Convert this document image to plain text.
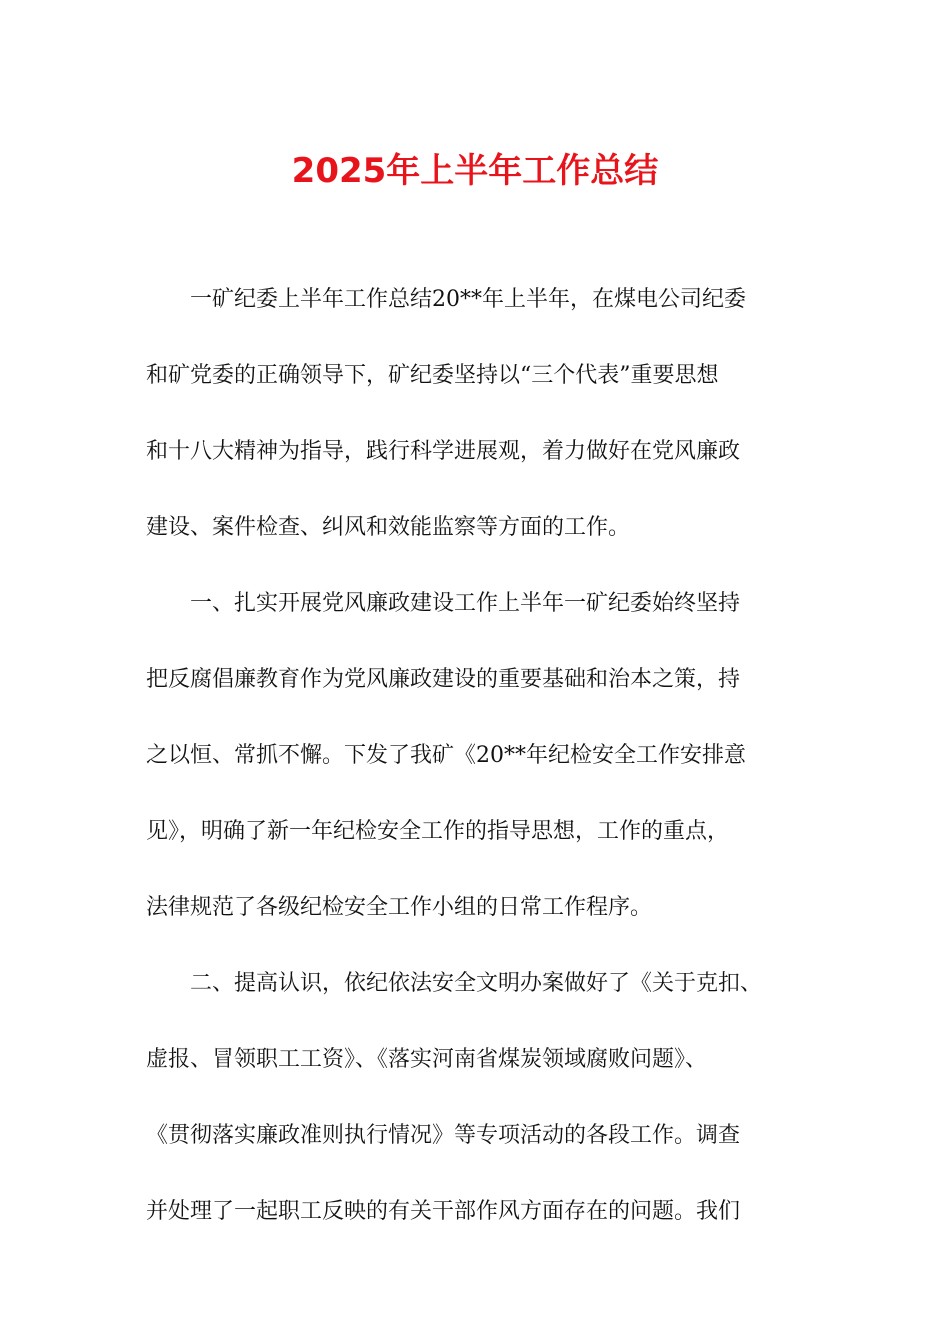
2025年上半年工作总结
一矿纪委上半年工作总结20**年上半年，在煤电公司纪委
和矿党委的正确领导下，矿纪委坚持以“三个代表”重要思想
和十八大精神为指导，践行科学进展观，着力做好在党风廉政
建设、案件检查、纠风和效能监察等方面的工作。
一、扎实开展党风廉政建设工作上半年一矿纪委始终坚持
把反腐倡廉教育作为党风廉政建设的重要基础和治本之策，持
之以恒、常抓不懈。下发了我矿《20**年纪检安全工作安排意
见》，明确了新一年纪检安全工作的指导思想，工作的重点，
法律规范了各级纪检安全工作小组的日常工作程序。
二、提高认识，依纪依法安全文明办案做好了《关于克扣、
虚报、冒领职工工资》、《落实河南省煤炭领域腐败问题》、
《贯彻落实廉政准则执行情况》等专项活动的各段工作。调查
并处理了一起职工反映的有关干部作风方面存在的问题。我们
